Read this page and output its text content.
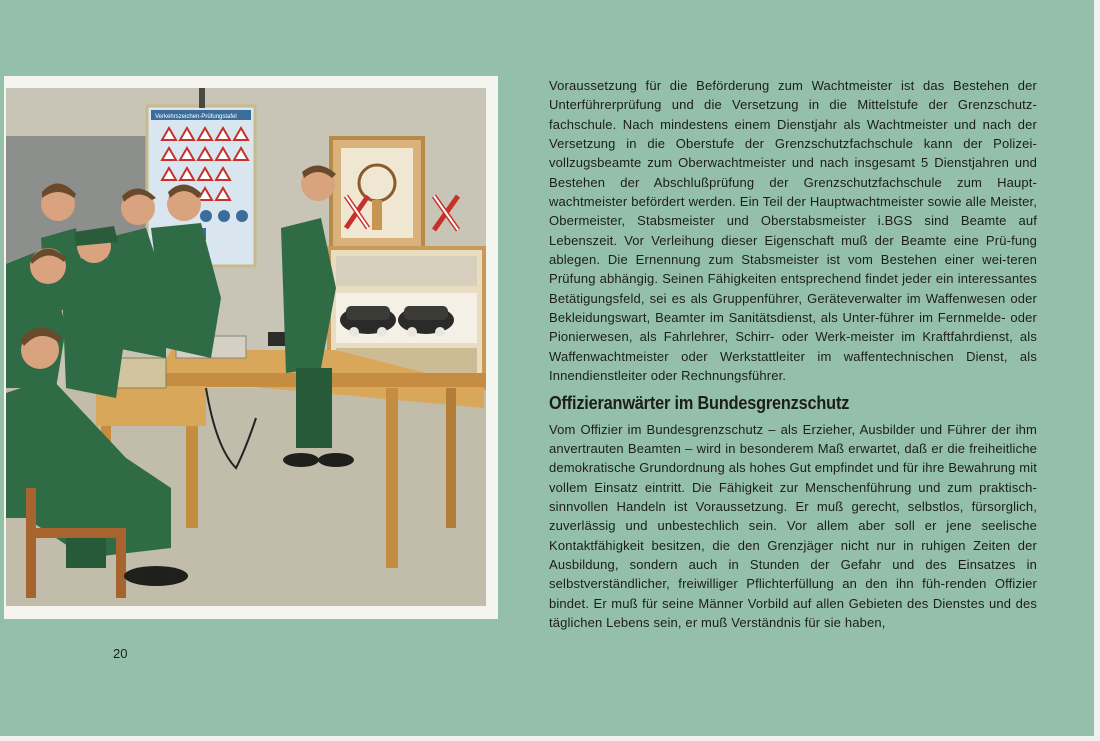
Verkehrszeichen-Prüfungstafel

Voraussetzung für die Beförderung zum Wachtmeister ist das Bestehen der Unterführerprüfung und die Versetzung in die Mittelstufe der Grenzschutz-fachschule. Nach mindestens einem Dienstjahr als Wachtmeister und nach der Versetzung in die Oberstufe der Grenzschutzfachschule kann der Polizei-vollzugsbeamte zum Oberwachtmeister und nach insgesamt 5 Dienstjahren und Bestehen der Abschlußprüfung der Grenzschutzfachschule zum Haupt-wachtmeister befördert werden. Ein Teil der Hauptwachtmeister sowie alle Meister, Obermeister, Stabsmeister und Oberstabsmeister i.BGS sind Beamte auf Lebenszeit. Vor Verleihung dieser Eigenschaft muß der Beamte eine Prü-fung ablegen. Die Ernennung zum Stabsmeister ist vom Bestehen einer wei-teren Prüfung abhängig. Seinen Fähigkeiten entsprechend findet jeder ein interessantes Betätigungsfeld, sei es als Gruppenführer, Geräteverwalter im Waffenwesen oder Bekleidungswart, Beamter im Sanitätsdienst, als Unter-führer im Fernmelde- oder Pionierwesen, als Fahrlehrer, Schirr- oder Werk-meister im Kraftfahrdienst, als Waffenwachtmeister oder Werkstattleiter im waffentechnischen Dienst, als Innendienstleiter oder Rechnungsführer.

Offizieranwärter im Bundesgrenzschutz

Vom Offizier im Bundesgrenzschutz – als Erzieher, Ausbilder und Führer der ihm anvertrauten Beamten – wird in besonderem Maß erwartet, daß er die freiheitliche demokratische Grundordnung als hohes Gut empfindet und für ihre Bewahrung mit vollem Einsatz eintritt. Die Fähigkeit zur Menschenführung und zum praktisch-sinnvollen Handeln ist Voraussetzung. Er muß gerecht, selbstlos, fürsorglich, zuverlässig und unbestechlich sein. Vor allem aber soll er jene seelische Kontaktfähigkeit besitzen, die den Grenzjäger nicht nur in ruhigen Zeiten der Ausbildung, sondern auch in Stunden der Gefahr und des Einsatzes in selbstverständlicher, freiwilliger Pflichterfüllung an den ihn füh-renden Offizier bindet. Er muß für seine Männer Vorbild auf allen Gebieten des Dienstes und des täglichen Lebens sein, er muß Verständnis für sie haben,

20
